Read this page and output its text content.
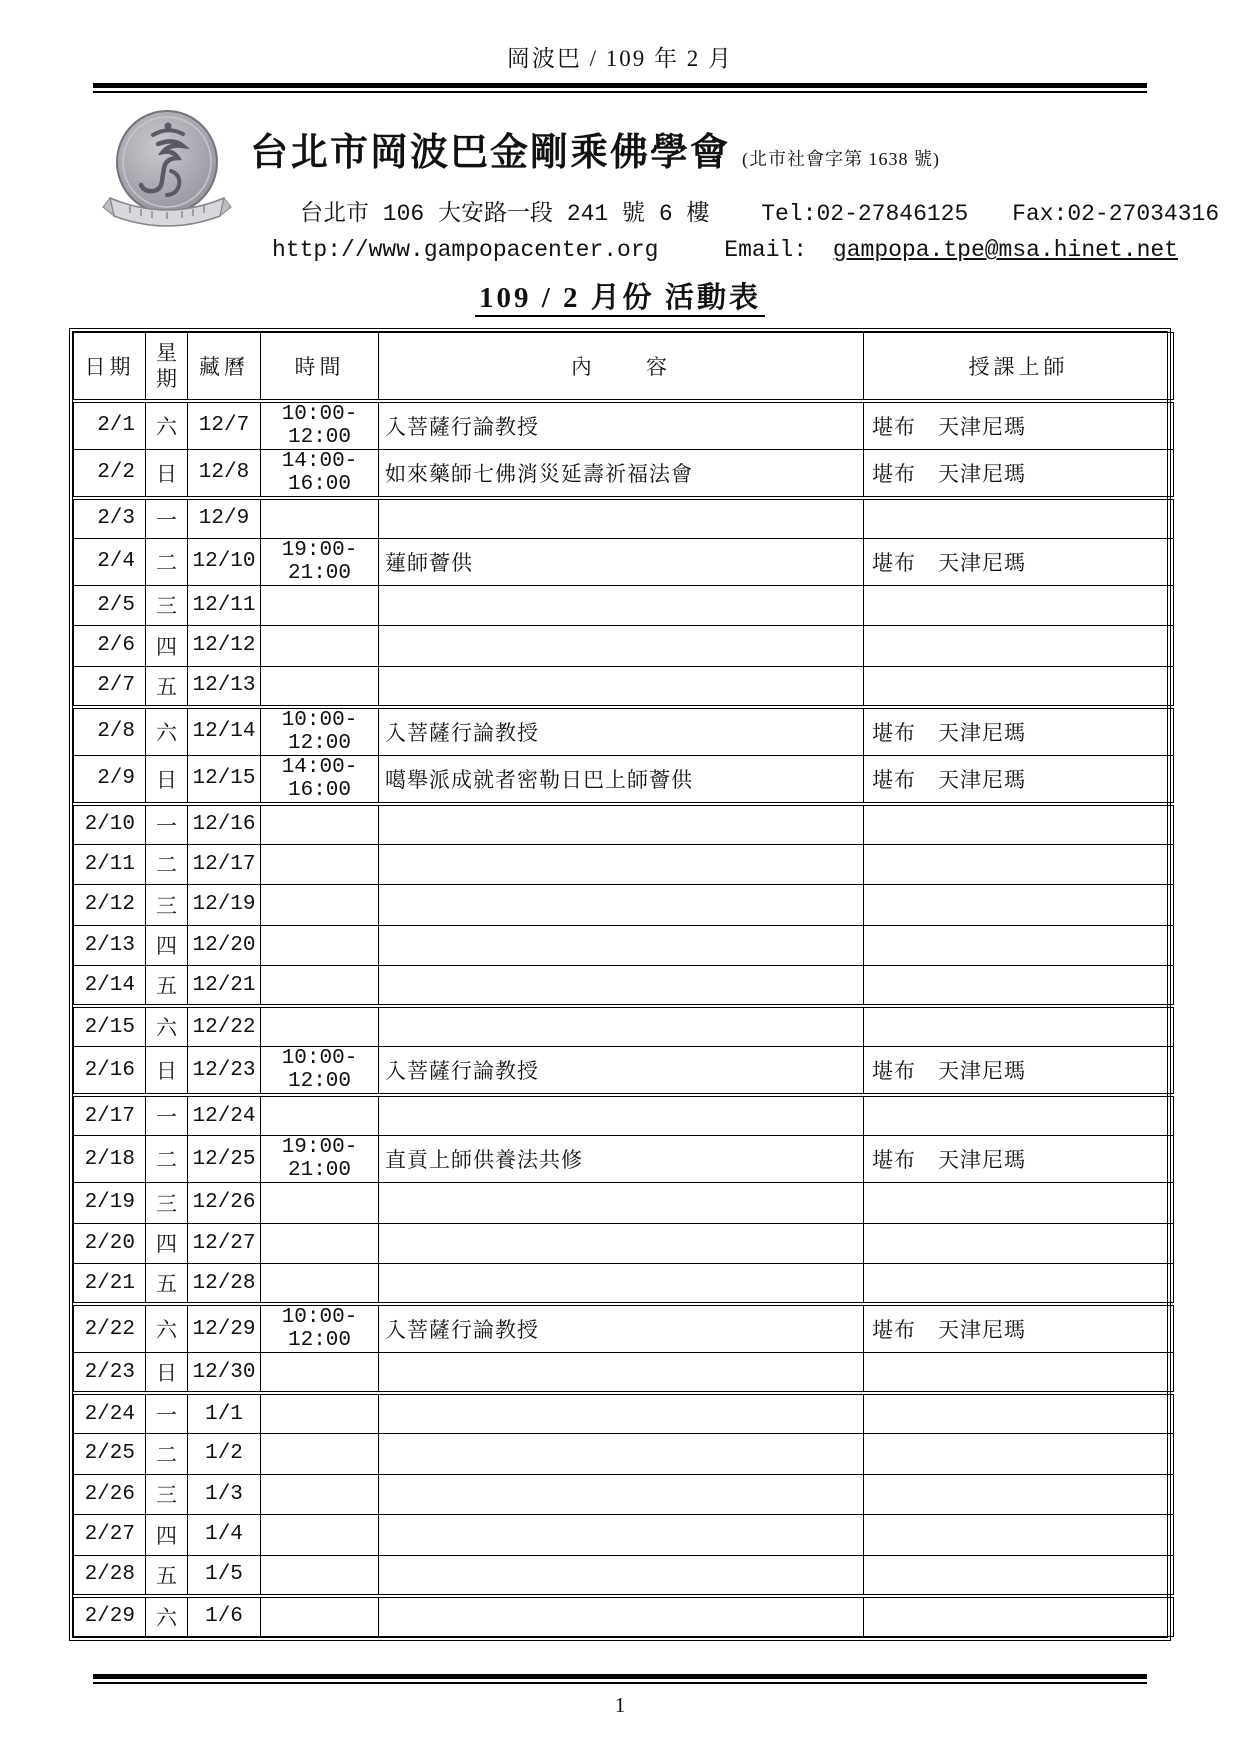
岡波巴 / 109 年 2 月
台北市岡波巴金剛乘佛學會 (北市社會字第 1638 號)
台北市 106 大安路一段 241 號 6 樓 Tel:02-27846125 Fax:02-27034316
http://www.gampopacenter.org	Email: gampopa.tpe@msa.hinet.net
109 / 2 月份 活動表
日期	星期	藏曆	時間	內　　容	授課上師
2/1	六	12/7	10:00-12:00	入菩薩行論教授	堪布　天津尼瑪
2/2	日	12/8	14:00-16:00	如來藥師七佛消災延壽祈福法會	堪布　天津尼瑪
2/3	一	12/9			
2/4	二	12/10	19:00-21:00	蓮師薈供	堪布　天津尼瑪
2/5	三	12/11			
2/6	四	12/12			
2/7	五	12/13			
2/8	六	12/14	10:00-12:00	入菩薩行論教授	堪布　天津尼瑪
2/9	日	12/15	14:00-16:00	噶舉派成就者密勒日巴上師薈供	堪布　天津尼瑪
2/10	一	12/16			
2/11	二	12/17			
2/12	三	12/19			
2/13	四	12/20			
2/14	五	12/21			
2/15	六	12/22			
2/16	日	12/23	10:00-12:00	入菩薩行論教授	堪布　天津尼瑪
2/17	一	12/24			
2/18	二	12/25	19:00-21:00	直貢上師供養法共修	堪布　天津尼瑪
2/19	三	12/26			
2/20	四	12/27			
2/21	五	12/28			
2/22	六	12/29	10:00-12:00	入菩薩行論教授	堪布　天津尼瑪
2/23	日	12/30			
2/24	一	1/1			
2/25	二	1/2			
2/26	三	1/3			
2/27	四	1/4			
2/28	五	1/5			
2/29	六	1/6			
1
